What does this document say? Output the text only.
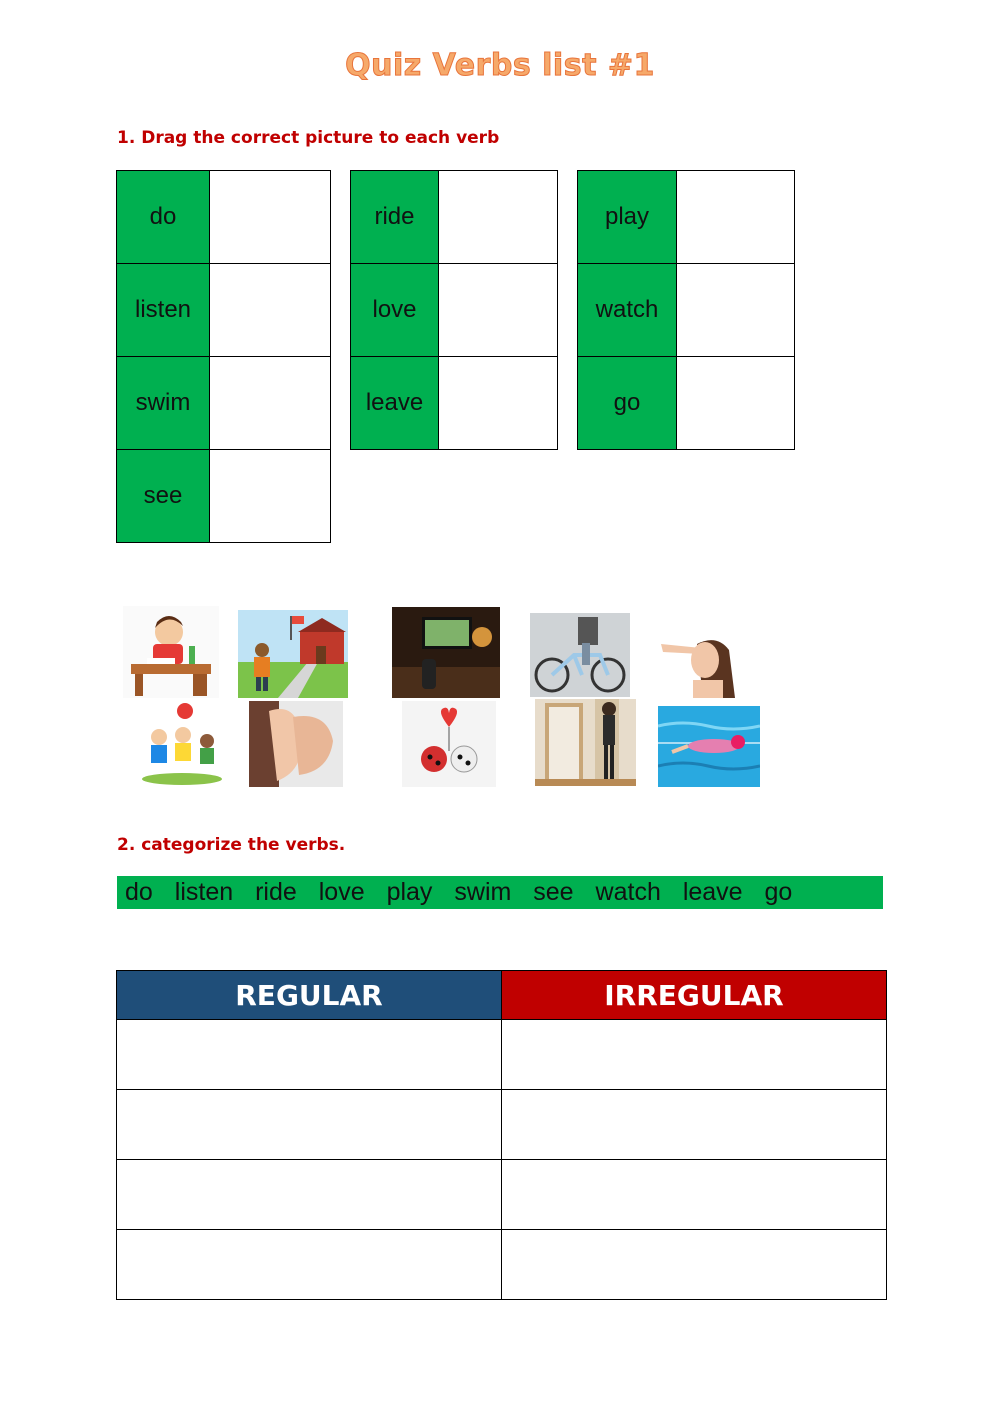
Quiz Verbs list #1
1. Drag the correct picture to each verb
do	
listen	
swim	
see	
ride	
love	
leave	
play	
watch	
go	
2. categorize the verbs.
do listen ride love play swim see watch leave go
REGULAR	IRREGULAR
